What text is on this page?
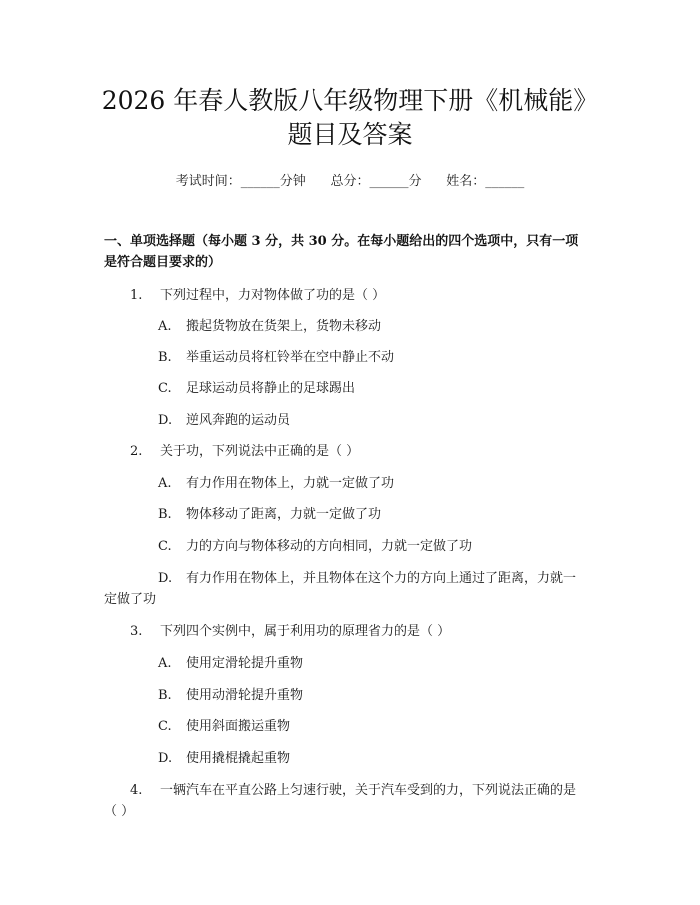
2026 年春人教版八年级物理下册《机械能》
题目及答案
考试时间：______分钟      总分：______分      姓名：______
一、单项选择题（每小题 3 分，共 30 分。在每小题给出的四个选项中，只有一项
是符合题目要求的）
1. 下列过程中，力对物体做了功的是（ ）
A. 搬起货物放在货架上，货物未移动
B. 举重运动员将杠铃举在空中静止不动
C. 足球运动员将静止的足球踢出
D. 逆风奔跑的运动员
2. 关于功，下列说法中正确的是（ ）
A. 有力作用在物体上，力就一定做了功
B. 物体移动了距离，力就一定做了功
C. 力的方向与物体移动的方向相同，力就一定做了功
D. 有力作用在物体上，并且物体在这个力的方向上通过了距离，力就一
定做了功
3. 下列四个实例中，属于利用功的原理省力的是（ ）
A. 使用定滑轮提升重物
B. 使用动滑轮提升重物
C. 使用斜面搬运重物
D. 使用撬棍撬起重物
4. 一辆汽车在平直公路上匀速行驶，关于汽车受到的力，下列说法正确的是
（ ）
